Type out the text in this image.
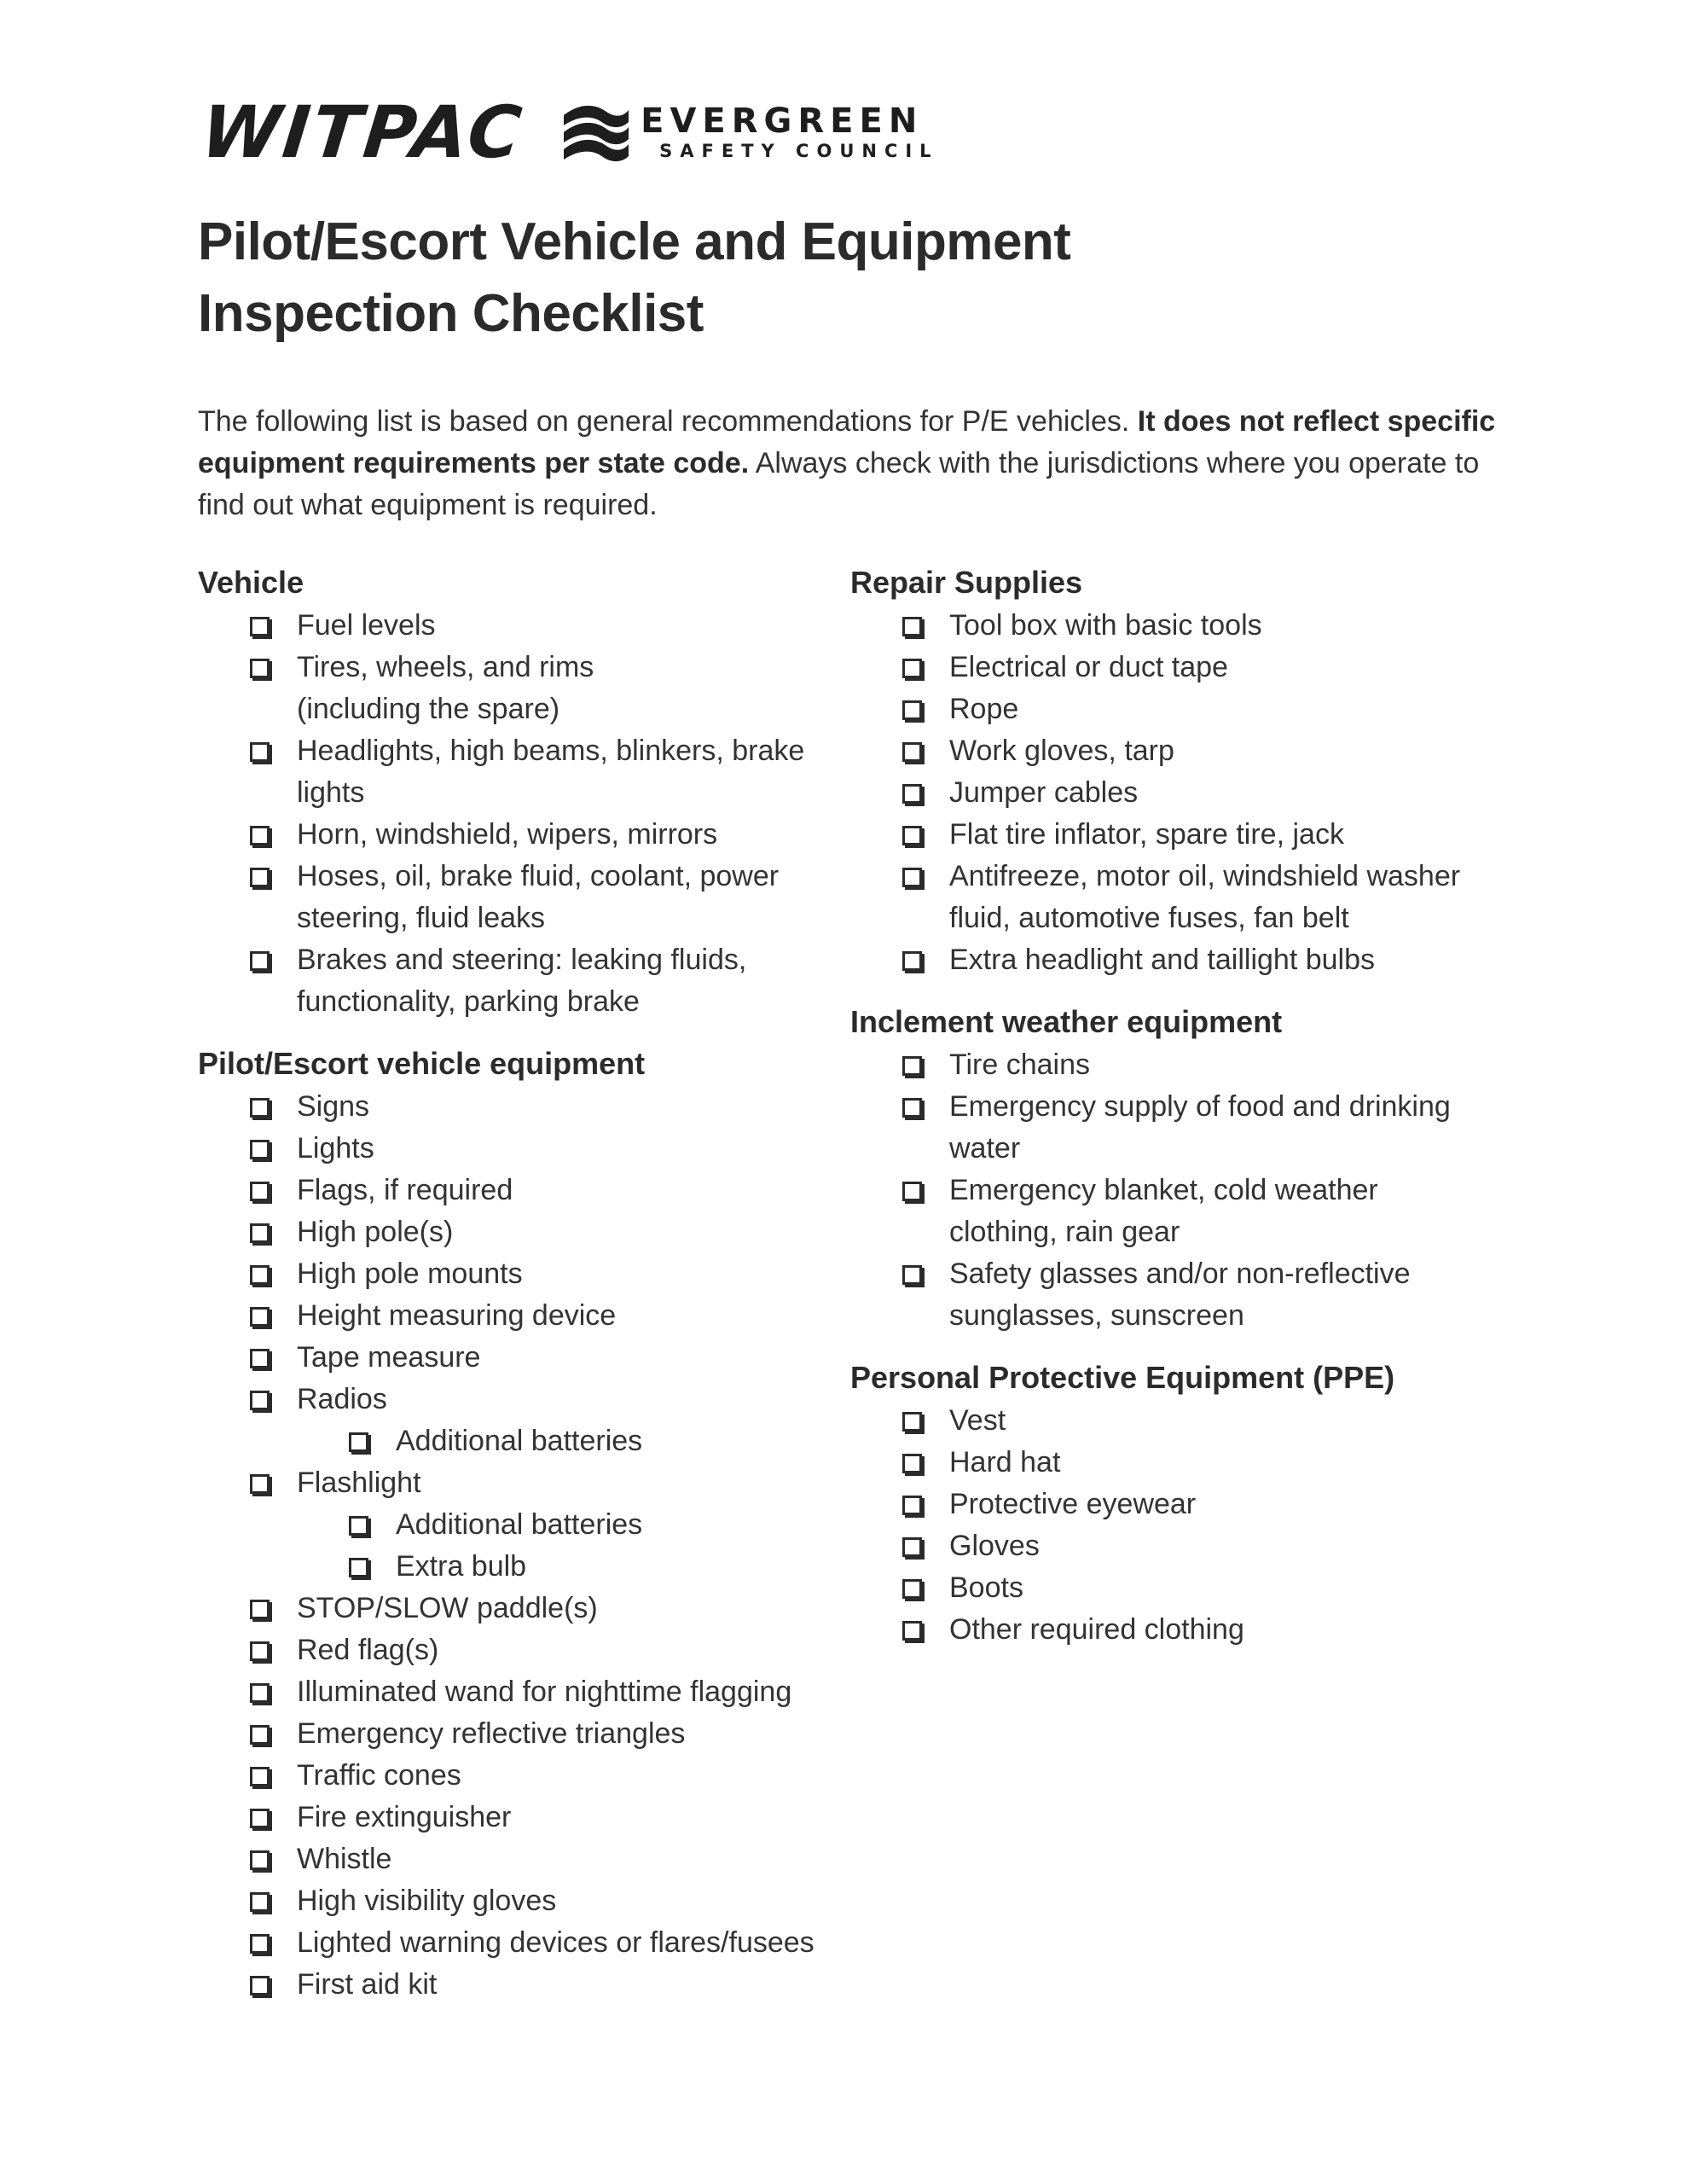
WITPAC	EVERGREEN
SAFETY COUNCIL
Pilot/Escort Vehicle and Equipment
Inspection Checklist

The following list is based on general recommendations for P/E vehicles. It does not reflect specific equipment requirements per state code. Always check with the jurisdictions where you operate to find out what equipment is required.

Vehicle
Fuel levels
Tires, wheels, and rims (including the spare)
Headlights, high beams, blinkers, brake lights
Horn, windshield, wipers, mirrors
Hoses, oil, brake fluid, coolant, power steering, fluid leaks
Brakes and steering: leaking fluids, functionality, parking brake
Pilot/Escort vehicle equipment
Signs
Lights
Flags, if required
High pole(s)
High pole mounts
Height measuring device
Tape measure
Radios
Additional batteries
Flashlight
Additional batteries
Extra bulb
STOP/SLOW paddle(s)
Red flag(s)
Illuminated wand for nighttime flagging
Emergency reflective triangles
Traffic cones
Fire extinguisher
Whistle
High visibility gloves
Lighted warning devices or flares/fusees
First aid kit
Repair Supplies
Tool box with basic tools
Electrical or duct tape
Rope
Work gloves, tarp
Jumper cables
Flat tire inflator, spare tire, jack
Antifreeze, motor oil, windshield washer fluid, automotive fuses, fan belt
Extra headlight and taillight bulbs
Inclement weather equipment
Tire chains
Emergency supply of food and drinking water
Emergency blanket, cold weather clothing, rain gear
Safety glasses and/or non-reflective sunglasses, sunscreen
Personal Protective Equipment (PPE)
Vest
Hard hat
Protective eyewear
Gloves
Boots
Other required clothing
